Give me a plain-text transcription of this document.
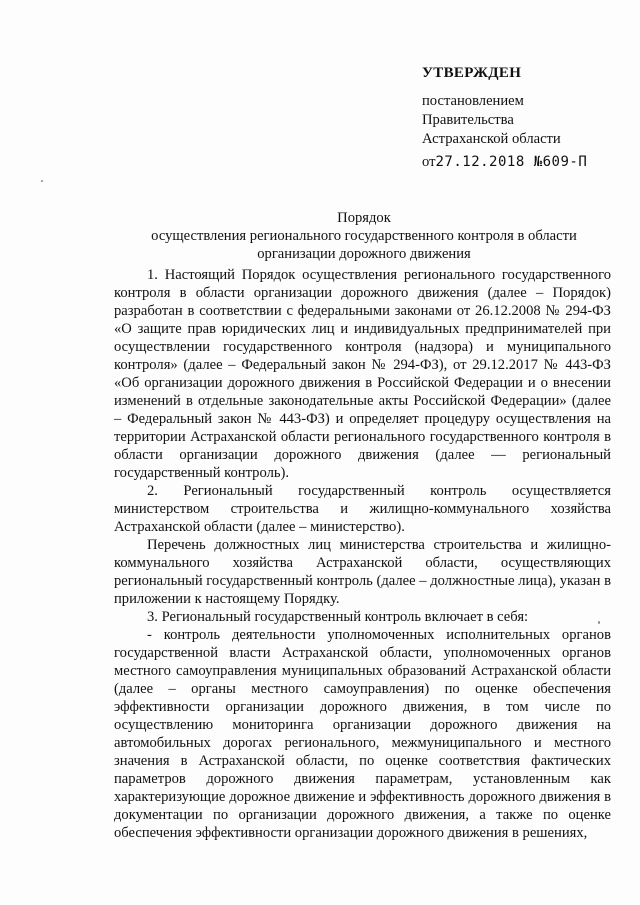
УТВЕРЖДЕН
постановлением
Правительства
Астраханской области
от27.12.2018 №609-П
Порядок
осуществления регионального государственного контроля в области
организации дорожного движения

1. Настоящий Порядок осуществления регионального государственного контроля в области организации дорожного движения (далее – Порядок) разработан в соответствии с федеральными законами от 26.12.2008 № 294-ФЗ «О защите прав юридических лиц и индивидуальных предпринимателей при осуществлении государственного контроля (надзора) и муниципального контроля» (далее – Федеральный закон № 294-ФЗ), от 29.12.2017 № 443-ФЗ «Об организации дорожного движения в Российской Федерации и о внесении изменений в отдельные законодательные акты Российской Федерации» (далее – Федеральный закон № 443-ФЗ) и определяет процедуру осуществления на территории Астраханской области регионального государственного контроля в области организации дорожного движения (далее — региональный государственный контроль).

2. Региональный государственный контроль осуществляется министерством строительства и жилищно-коммунального хозяйства Астраханской области (далее – министерство).

Перечень должностных лиц министерства строительства и жилищно-коммунального хозяйства Астраханской области, осуществляющих региональный государственный контроль (далее – должностные лица), указан в приложении к настоящему Порядку.

3. Региональный государственный контроль включает в себя:

- контроль деятельности уполномоченных исполнительных органов государственной власти Астраханской области, уполномоченных органов местного самоуправления муниципальных образований Астраханской области (далее – органы местного самоуправления) по оценке обеспечения эффективности организации дорожного движения, в том числе по осуществлению мониторинга организации дорожного движения на автомобильных дорогах регионального, межмуниципального и местного значения в Астраханской области, по оценке соответствия фактических параметров дорожного движения параметрам, установленным как характеризующие дорожное движение и эффективность дорожного движения в документации по организации дорожного движения, а также по оценке обеспечения эффективности организации дорожного движения в решениях,
